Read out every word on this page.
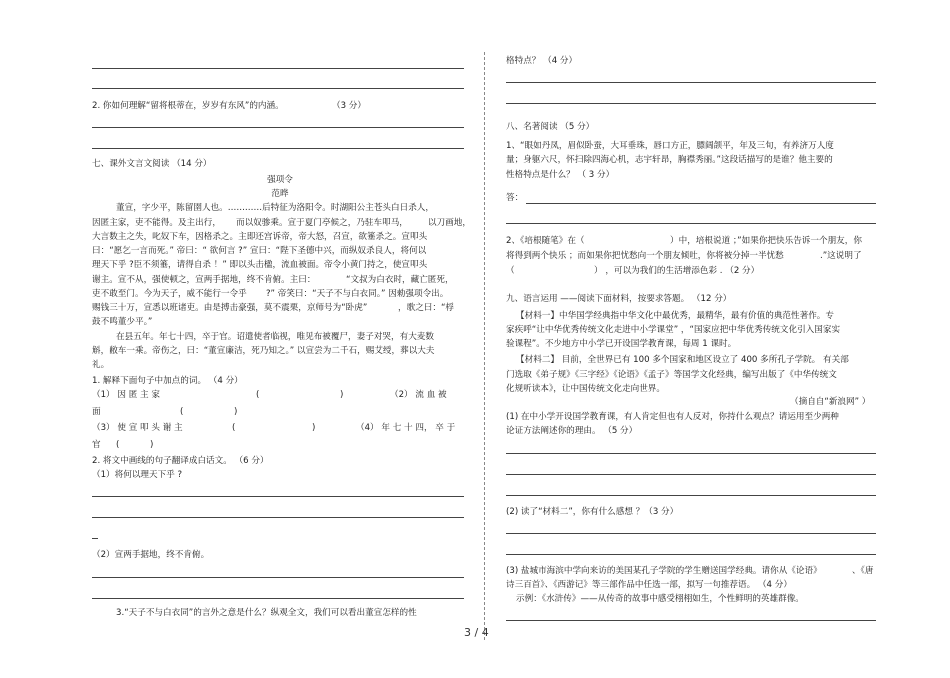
2. 你如何理解“留将根蒂在，岁岁有东风”的内涵。	（3 分）
七、课外文言文阅读 （14 分）
强项令
范晔
董宣，字少平，陈留圉人也。…………后特征为洛阳令。时湖阳公主苍头白日杀人，
因匿主家，吏不能得。及主出行， 而以奴骖乘。宣于夏门亭候之，乃驻车叩马， 以刀画地，
大言数主之失，叱奴下车，因格杀之。主即还宫诉帝，帝大怒，召宣，欲箠杀之。宣叩头
曰：“愿乞一言而死。” 帝曰：“ 欲何言 ?” 宣曰：“陛下圣德中兴，而纵奴杀良人，将何以
理天下乎 ?臣不须箠，请得自杀 ！” 即以头击楹，流血被面。帝令小黄门持之，使宣叩头
谢主。宣不从，强使顿之，宣两手据地，终不肯俯。主曰：	“文叔为白衣时，藏亡匿死，
吏不敢至门。今为天子，威不能行一令乎 ?” 帝笑曰：“天子不与白衣同。” 因勑强项令出。
赐钱三十万，宣悉以班诸吏。由是搏击豪强，莫不震栗，京师号为“卧虎”	，歌之曰：“桴
鼓不鸣董少平。”
在县五年。年七十四，卒于官。诏遣使者临视，唯见布被覆尸，妻子对哭，有大麦数
斛，敝车一乘。帝伤之，曰：“董宣廉洁，死乃知之。” 以宣尝为二千石，赐艾绶，葬以大夫
礼。
1. 解释下面句子中加点的词。 （4 分）
（1） 因 匿 主 家	(	)	（2） 流 血 被
面	(	)
（3） 使 宣 叩 头 谢 主	(	)	（4） 年 七 十 四， 卒 于
官 (	)
2. 将文中画线的句子翻译成白话文。 （6 分）
（1）将何以理天下乎 ?
（2）宣两手据地，终不肯俯。
3.“天子不与白衣同”的言外之意是什么？纵观全文，我们可以看出董宣怎样的性
格特点？ （4 分）
八、名著阅读 （5 分）
1、“眼如丹凤，眉似卧蚕，大耳垂珠，唇口方正，膘阔颌平，年及三旬，有养济万人度
量；身躯六尺，怀扫除四海心机，志宇轩昂，胸襟秀丽。”这段话描写的是谁？他主要的
性格特点是什么？ （ 3 分）
答：
2、《培根随笔》在（	）中，培根说道 ；”如果你把快乐告诉一个朋友，你
将得到两个快乐 ；而如果你把忧愁向一个朋友倾吐，你将被分掉一半忧愁	.”这说明了
（	） ，可以为我们的生活增添色彩 . （2 分）
九、语言运用 ——阅读下面材料，按要求答题。 （12 分）
【材料一】中华国学经典指中华文化中最优秀，最精华，最有价值的典范性著作。专
家疾呼“让中华优秀传统文化走进中小学课堂” ，“国家应把中华优秀传统文化引入国家实
验课程”。不少地方中小学已开设国学教育课，每周 1 课时。
【材料二】 目前，全世界已有 100 多个国家和地区设立了 400 多所孔子学院。 有关部
门选取《弟子规》《三字经》《论语》《孟子》等国学文化经典，编写出版了《中华传统文
化规听读本》，让中国传统文化走向世界。
（摘自自“新浪网” ）
(1) 在中小学开设国学教育课，有人肯定但也有人反对，你持什么观点？请运用至少两种
论证方法阐述你的理由。 （5 分）
(2) 读了“材料二”，你有什么感想 ？（3 分）
(3) 盐城市海滨中学向来访的美国某孔子学院的学生赠送国学经典。请你从《论语》	、《唐
诗三百首》、《西游记》等三部作品中任选一部，拟写一句推荐语。 （4 分）
示例：《水浒传》——从传奇的故事中感受栩栩如生，个性鲜明的英雄群像。
3 / 4
